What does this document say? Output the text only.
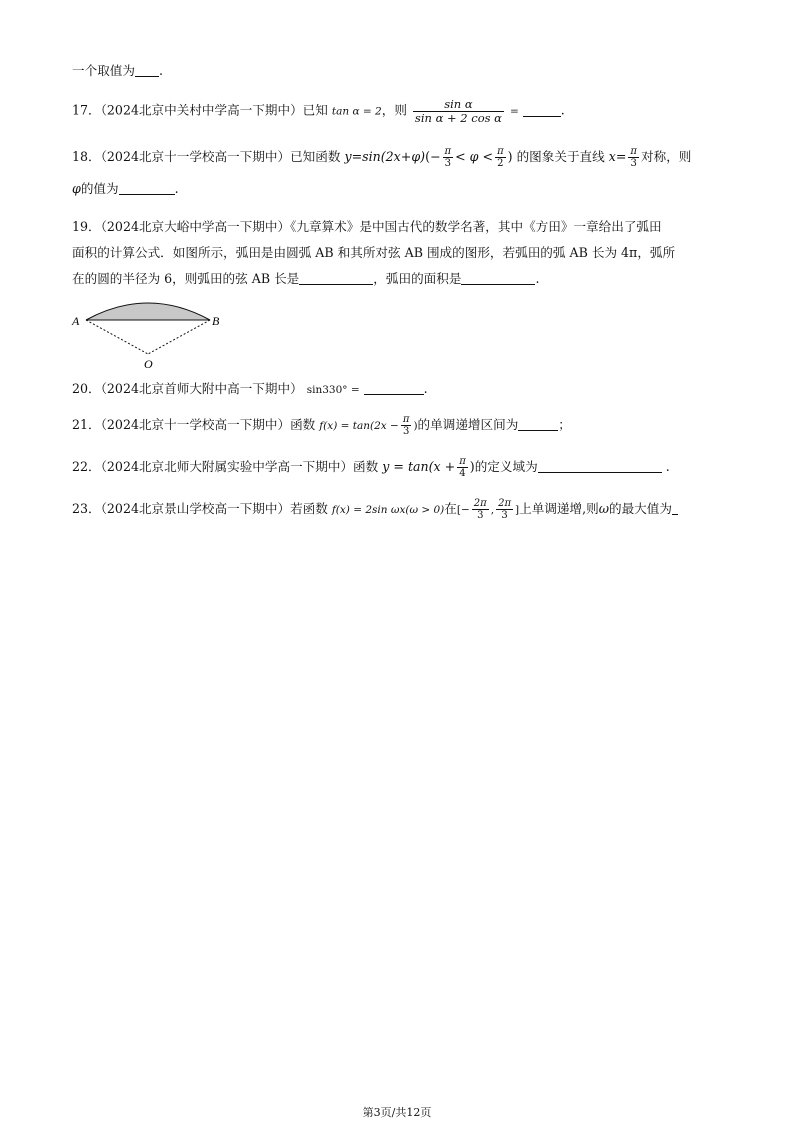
一个取值为 .
17．（2024北京中关村中学高一下期中）已知 tan α = 2，则 $\frac{\text{sin α}}{\text{sin α + 2 cos α}}$ =	.
18．（2024北京十一学校高一下期中）已知函数 $y=\sin(2x+\varphi)(- \frac{\pi}{3} < \varphi < \frac{\pi}{2}$ ) 的图象关于直线 $x= \frac{\pi}{3}$ 对称，则
φ的值为	.
19．（2024北京大峪中学高一下期中）《九章算术》是中国古代的数学名著，其中《方田》一章给出了弧田
面积的计算公式．如图所示，弧田是由圆弧 AB 和其所对弦 AB 围成的图形，若弧田的弧 AB 长为 4π，弧所
在的圆的半径为 6，则弧田的弦 AB 长是	，弧田的面积是	.
A	B
O
20．（2024北京首师大附中高一下期中） sin330° =	.
21．（2024北京十一学校高一下期中）函数 $f(x) = \tan(2x - \frac{\pi}{3}$ )的单调递增区间为	；
22．（2024北京北师大附属实验中学高一下期中）函数 $y = \tan(x + \frac{\pi}{4}$ )的定义域为	.
23．（2024北京景山学校高一下期中）若函数 f(x) = 2sin ωx(ω > 0)在[− $\frac{2\pi}{3}$ , $\frac{2\pi}{3}$ ]上单调递增,则ω的最大值为
第3页/共12页
